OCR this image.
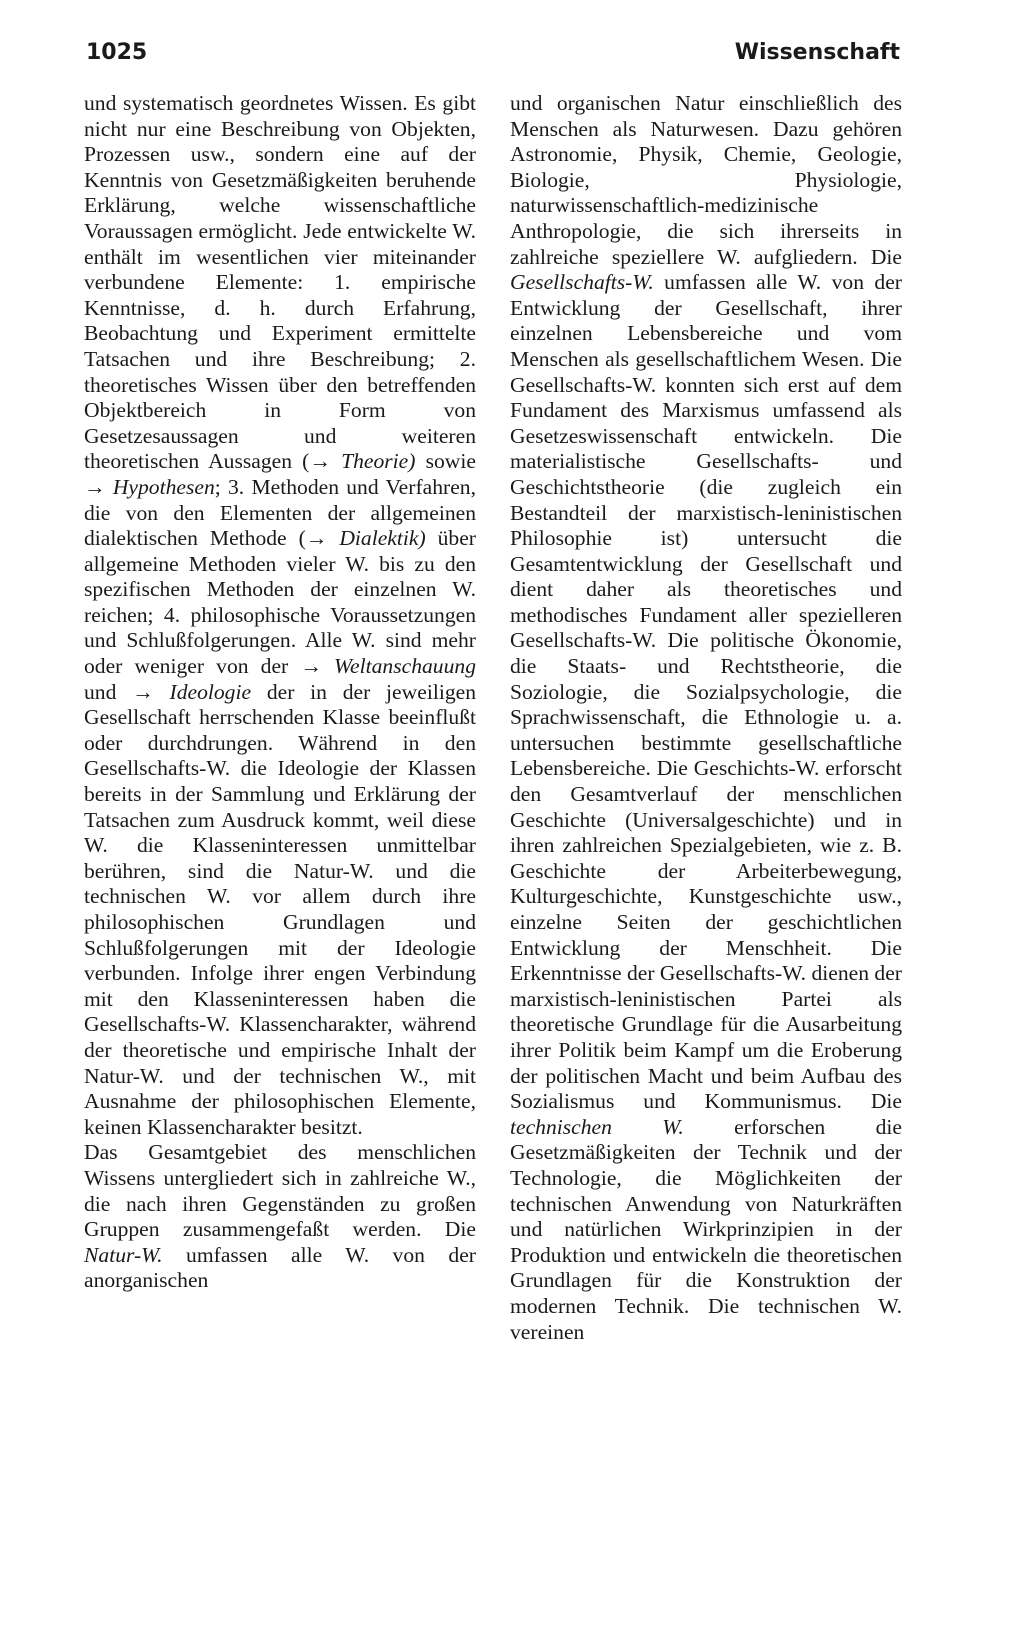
1025	Wissenschaft

und systematisch geordnetes Wissen. Es gibt nicht nur eine Beschreibung von Objekten, Prozessen usw., sondern eine auf der Kenntnis von Gesetzmäßigkeiten beruhende Erklärung, welche wissenschaftliche Voraussagen ermöglicht. Jede entwickelte W. enthält im wesentlichen vier miteinander verbundene Elemente: 1. empirische Kenntnisse, d. h. durch Erfahrung, Beobachtung und Experiment ermittelte Tatsachen und ihre Beschreibung; 2. theoretisches Wissen über den betreffenden Objektbereich in Form von Gesetzesaussagen und weiteren theoretischen Aussagen (→ Theorie) sowie → Hypothesen; 3. Methoden und Verfahren, die von den Elementen der allgemeinen dialektischen Methode (→ Dialektik) über allgemeine Methoden vieler W. bis zu den spezifischen Methoden der einzelnen W. reichen; 4. philosophische Voraussetzungen und Schlußfolgerungen. Alle W. sind mehr oder weniger von der → Weltanschauung und → Ideologie der in der jeweiligen Gesellschaft herrschenden Klasse beeinflußt oder durchdrungen. Während in den Gesellschafts-W. die Ideologie der Klassen bereits in der Sammlung und Erklärung der Tatsachen zum Ausdruck kommt, weil diese W. die Klasseninteressen unmittelbar berühren, sind die Natur-W. und die technischen W. vor allem durch ihre philosophischen Grundlagen und Schlußfolgerungen mit der Ideologie verbunden. Infolge ihrer engen Verbindung mit den Klasseninteressen haben die Gesellschafts-W. Klassencharakter, während der theoretische und empirische Inhalt der Natur-W. und der technischen W., mit Ausnahme der philosophischen Elemente, keinen Klassencharakter besitzt.

Das Gesamtgebiet des menschlichen Wissens untergliedert sich in zahlreiche W., die nach ihren Gegenständen zu großen Gruppen zusammengefaßt werden. Die Natur-W. umfassen alle W. von der anorganischen

und organischen Natur einschließlich des Menschen als Naturwesen. Dazu gehören Astronomie, Physik, Chemie, Geologie, Biologie, Physiologie, naturwissenschaftlich-medizinische Anthropologie, die sich ihrerseits in zahlreiche speziellere W. aufgliedern. Die Gesellschafts-W. umfassen alle W. von der Entwicklung der Gesellschaft, ihrer einzelnen Lebensbereiche und vom Menschen als gesellschaftlichem Wesen. Die Gesellschafts-W. konnten sich erst auf dem Fundament des Marxismus umfassend als Gesetzeswissenschaft entwickeln. Die materialistische Gesellschafts- und Geschichtstheorie (die zugleich ein Bestandteil der marxistisch-leninistischen Philosophie ist) untersucht die Gesamtentwicklung der Gesellschaft und dient daher als theoretisches und methodisches Fundament aller spezielleren Gesellschafts-W. Die politische Ökonomie, die Staats- und Rechtstheorie, die Soziologie, die Sozialpsychologie, die Sprachwissenschaft, die Ethnologie u. a. untersuchen bestimmte gesellschaftliche Lebensbereiche. Die Geschichts-W. erforscht den Gesamtverlauf der menschlichen Geschichte (Universalgeschichte) und in ihren zahlreichen Spezialgebieten, wie z. B. Geschichte der Arbeiterbewegung, Kulturgeschichte, Kunstgeschichte usw., einzelne Seiten der geschichtlichen Entwicklung der Menschheit. Die Erkenntnisse der Gesellschafts-W. dienen der marxistisch-leninistischen Partei als theoretische Grundlage für die Ausarbeitung ihrer Politik beim Kampf um die Eroberung der politischen Macht und beim Aufbau des Sozialismus und Kommunismus. Die technischen W. erforschen die Gesetzmäßigkeiten der Technik und der Technologie, die Möglichkeiten der technischen Anwendung von Naturkräften und natürlichen Wirkprinzipien in der Produktion und entwickeln die theoretischen Grundlagen für die Konstruktion der modernen Technik. Die technischen W. vereinen
